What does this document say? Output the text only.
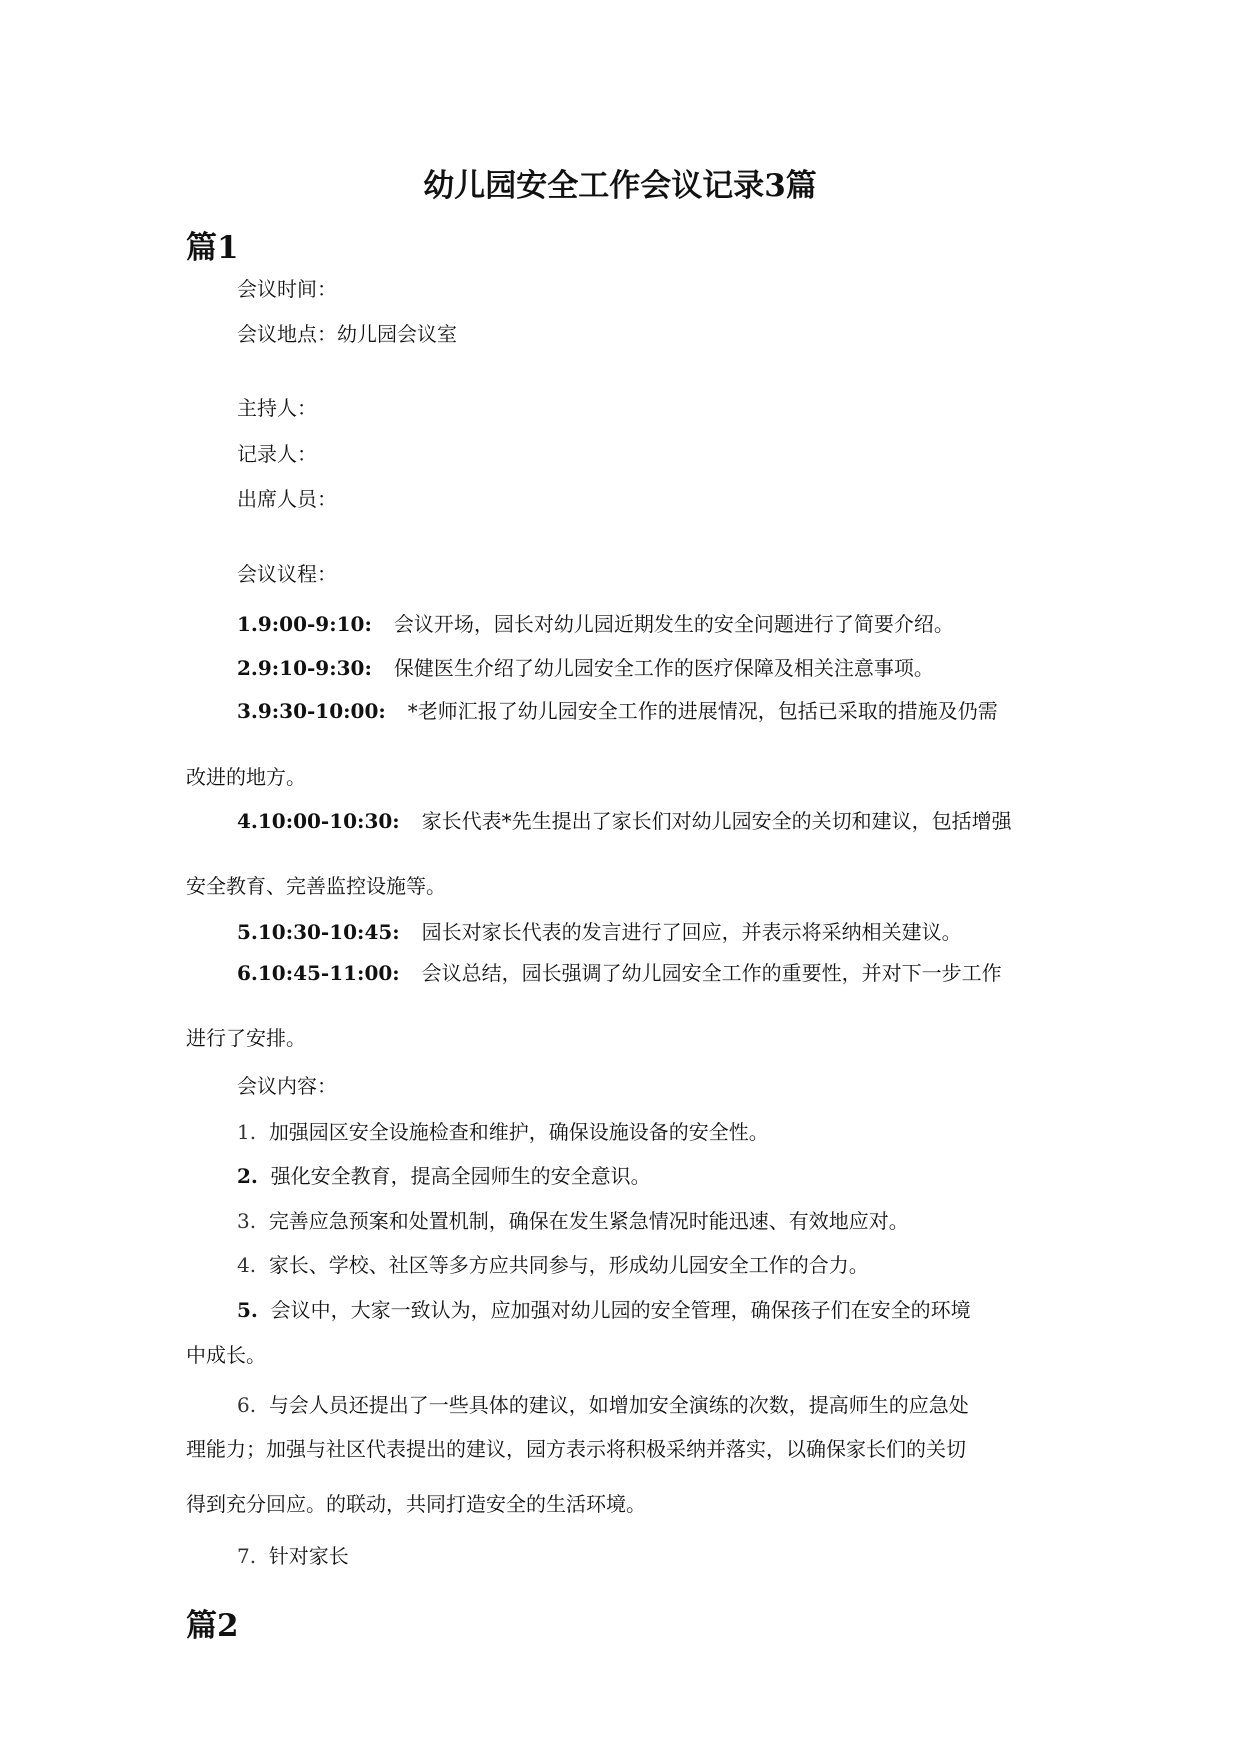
幼儿园安全工作会议记录3篇
篇1
会议时间：
会议地点：幼儿园会议室
主持人：
记录人：
出席人员：
会议议程：
1.9:00-9:10: 会议开场，园长对幼儿园近期发生的安全问题进行了简要介绍。
2.9:10-9:30: 保健医生介绍了幼儿园安全工作的医疗保障及相关注意事项。
3.9:30-10:00: *老师汇报了幼儿园安全工作的进展情况，包括已采取的措施及仍需
改进的地方。
4.10:00-10:30: 家长代表*先生提出了家长们对幼儿园安全的关切和建议，包括增强
安全教育、完善监控设施等。
5.10:30-10:45: 园长对家长代表的发言进行了回应，并表示将采纳相关建议。
6.10:45-11:00: 会议总结，园长强调了幼儿园安全工作的重要性，并对下一步工作
进行了安排。
会议内容：
1. 加强园区安全设施检查和维护，确保设施设备的安全性。
2. 强化安全教育，提高全园师生的安全意识。
3. 完善应急预案和处置机制，确保在发生紧急情况时能迅速、有效地应对。
4. 家长、学校、社区等多方应共同参与，形成幼儿园安全工作的合力。
5. 会议中，大家一致认为，应加强对幼儿园的安全管理，确保孩子们在安全的环境
中成长。
6. 与会人员还提出了一些具体的建议，如增加安全演练的次数，提高师生的应急处
理能力；加强与社区代表提出的建议，园方表示将积极采纳并落实，以确保家长们的关切
得到充分回应。的联动，共同打造安全的生活环境。
7. 针对家长
篇2
